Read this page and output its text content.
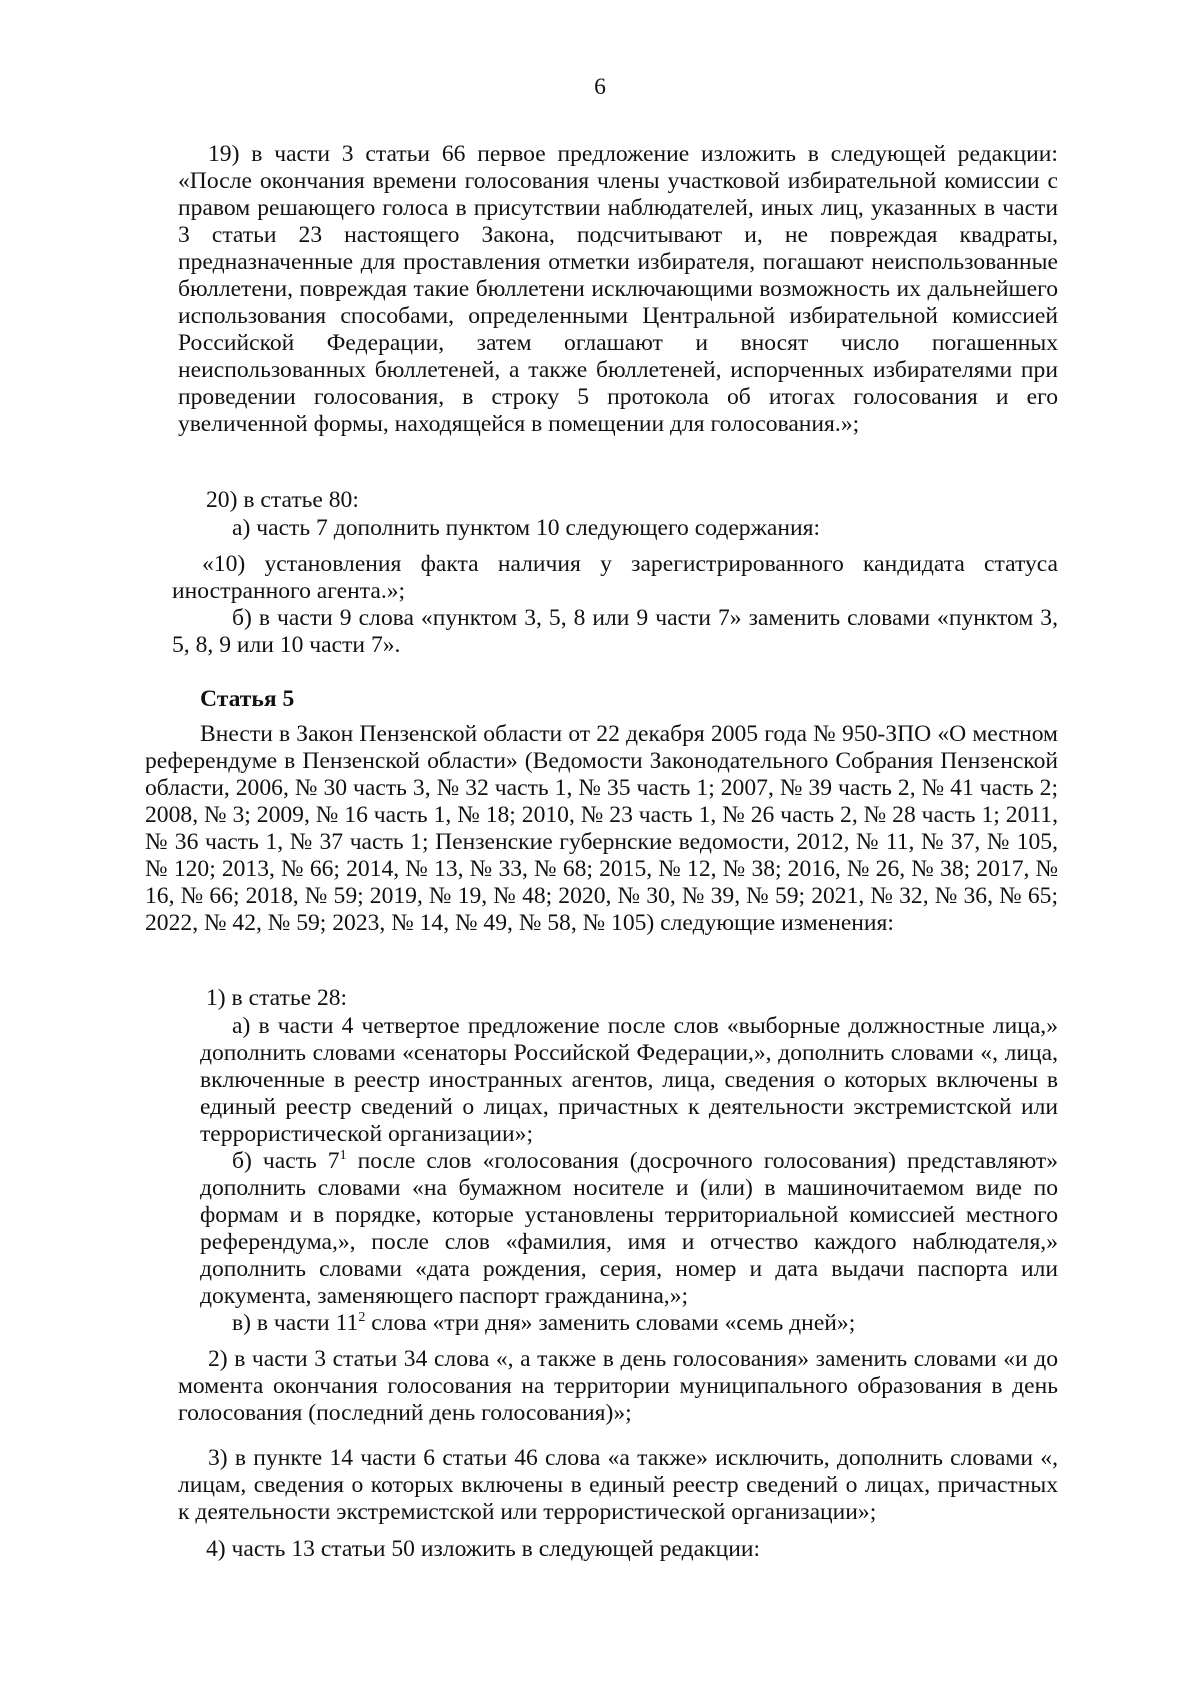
6

19) в части 3 статьи 66 первое предложение изложить в следующей редакции: «После окончания времени голосования члены участковой избирательной комиссии с правом решающего голоса в присутствии наблюдателей, иных лиц, указанных в части 3 статьи 23 настоящего Закона, подсчитывают и, не повреждая квадраты, предназначенные для проставления отметки избирателя, погашают неиспользованные бюллетени, повреждая такие бюллетени исключающими возможность их дальнейшего использования способами, определенными Центральной избирательной комиссией Российской Федерации, затем оглашают и вносят число погашенных неиспользованных бюллетеней, а также бюллетеней, испорченных избирателями при проведении голосования, в строку 5 протокола об итогах голосования и его увеличенной формы, находящейся в помещении для голосования.»;

20) в статье 80:

а) часть 7 дополнить пунктом 10 следующего содержания:

«10) установления факта наличия у зарегистрированного кандидата статуса иностранного агента.»;

б) в части 9 слова «пунктом 3, 5, 8 или 9 части 7» заменить словами «пунктом 3, 5, 8, 9 или 10 части 7».

Статья 5

Внести в Закон Пензенской области от 22 декабря 2005 года № 950-ЗПО «О местном референдуме в Пензенской области» (Ведомости Законодательного Собрания Пензенской области, 2006, № 30 часть 3, № 32 часть 1, № 35 часть 1; 2007, № 39 часть 2, № 41 часть 2; 2008, № 3; 2009, № 16 часть 1, № 18; 2010, № 23 часть 1, № 26 часть 2, № 28 часть 1; 2011, № 36 часть 1, № 37 часть 1; Пензенские губернские ведомости, 2012, № 11, № 37, № 105, № 120; 2013, № 66; 2014, № 13, № 33, № 68; 2015, № 12, № 38; 2016, № 26, № 38; 2017, № 16, № 66; 2018, № 59; 2019, № 19, № 48; 2020, № 30, № 39, № 59; 2021, № 32, № 36, № 65; 2022, № 42, № 59; 2023, № 14, № 49, № 58, № 105) следующие изменения:

1) в статье 28:

а) в части 4 четвертое предложение после слов «выборные должностные лица,» дополнить словами «сенаторы Российской Федерации,», дополнить словами «, лица, включенные в реестр иностранных агентов, лица, сведения о которых включены в единый реестр сведений о лицах, причастных к деятельности экстремистской или террористической организации»;

б) часть $7^1$ после слов «голосования (досрочного голосования) представляют» дополнить словами «на бумажном носителе и (или) в машиночитаемом виде по формам и в порядке, которые установлены территориальной комиссией местного референдума,», после слов «фамилия, имя и отчество каждого наблюдателя,» дополнить словами «дата рождения, серия, номер и дата выдачи паспорта или документа, заменяющего паспорт гражданина,»;

в) в части $11^2$ слова «три дня» заменить словами «семь дней»;

2) в части 3 статьи 34 слова «, а также в день голосования» заменить словами «и до момента окончания голосования на территории муниципального образования в день голосования (последний день голосования)»;

3) в пункте 14 части 6 статьи 46 слова «а также» исключить, дополнить словами «, лицам, сведения о которых включены в единый реестр сведений о лицах, причастных к деятельности экстремистской или террористической организации»;

4) часть 13 статьи 50 изложить в следующей редакции:
